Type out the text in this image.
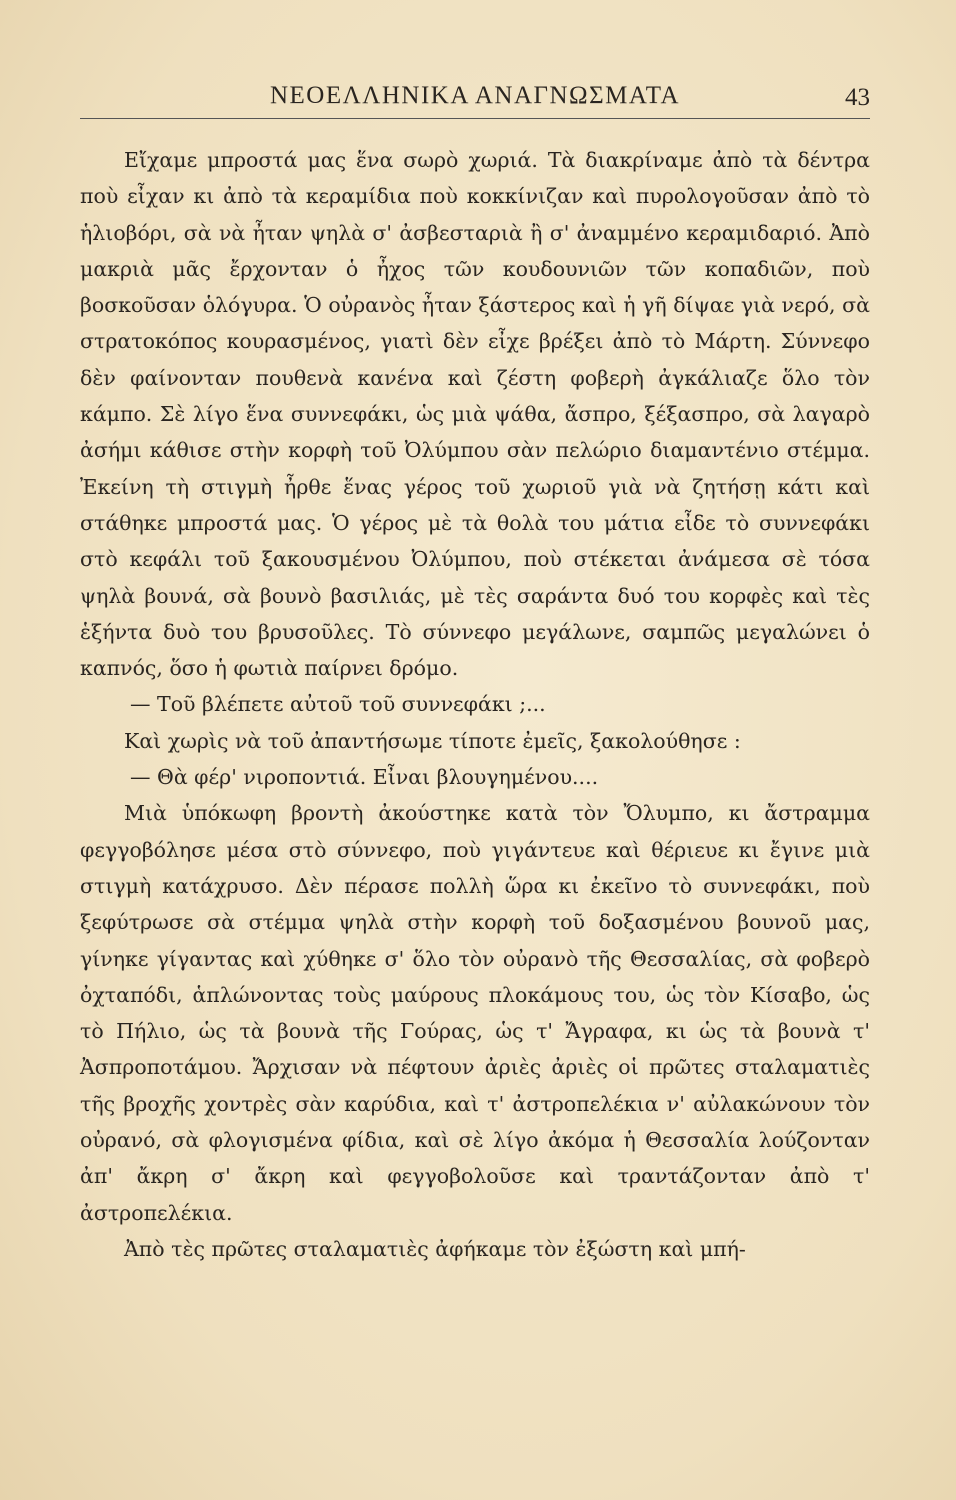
ΝΕΟΕΛΛΗΝΙΚΑ ΑΝΑΓΝΩΣΜΑΤΑ	43

Εἴχαμε μπροστά μας ἕνα σωρὸ χωριά. Τὰ διακρίναμε ἀπὸ τὰ δέντρα ποὺ εἶχαν κι ἀπὸ τὰ κεραμίδια ποὺ κοκκίνιζαν καὶ πυρολογοῦσαν ἀπὸ τὸ ἡλιοβόρι, σὰ νὰ ἦταν ψηλὰ σ' ἀσβεσταριὰ ἢ σ' ἀναμμένο κεραμιδαριό. Ἀπὸ μακριὰ μᾶς ἔρχονταν ὁ ἦχος τῶν κουδουνιῶν τῶν κοπαδιῶν, ποὺ βοσκοῦσαν ὁλόγυρα. Ὁ οὐρανὸς ἦταν ξάστερος καὶ ἡ γῆ δίψαε γιὰ νερό, σὰ στρατοκόπος κουρασμένος, γιατὶ δὲν εἶχε βρέξει ἀπὸ τὸ Μάρτη. Σύννεφο δὲν φαίνονταν πουθενὰ κανένα καὶ ζέστη φοβερὴ ἀγκάλιαζε ὅλο τὸν κάμπο. Σὲ λίγο ἕνα συννεφάκι, ὡς μιὰ ψάθα, ἄσπρο, ξέξασπρο, σὰ λαγαρὸ ἀσήμι κάθισε στὴν κορφὴ τοῦ Ὀλύμπου σὰν πελώριο διαμαντένιο στέμμα. Ἐκείνη τὴ στιγμὴ ἦρθε ἕνας γέρος τοῦ χωριοῦ γιὰ νὰ ζητήσῃ κάτι καὶ στάθηκε μπροστά μας. Ὁ γέρος μὲ τὰ θολὰ του μάτια εἶδε τὸ συννεφάκι στὸ κεφάλι τοῦ ξακουσμένου Ὀλύμπου, ποὺ στέκεται ἀνάμεσα σὲ τόσα ψηλὰ βουνά, σὰ βουνὸ βασιλιάς, μὲ τὲς σαράντα δυό του κορφὲς καὶ τὲς ἑξήντα δυὸ του βρυσοῦλες. Τὸ σύννεφο μεγάλωνε, σαμπῶς μεγαλώνει ὁ καπνός, ὅσο ἡ φωτιὰ παίρνει δρόμο.

— Τοῦ βλέπετε αὐτοῦ τοῦ συννεφάκι ;...

Καὶ χωρὶς νὰ τοῦ ἀπαντήσωμε τίποτε ἐμεῖς, ξακολούθησε :

— Θὰ φέρ' νιροποντιά. Εἶναι βλουγημένου....

Μιὰ ὑπόκωφη βροντὴ ἀκούστηκε κατὰ τὸν Ὄλυμπο, κι ἄστραμμα φεγγοβόλησε μέσα στὸ σύννεφο, ποὺ γιγάντευε καὶ θέριευε κι ἔγινε μιὰ στιγμὴ κατάχρυσο. Δὲν πέρασε πολλὴ ὥρα κι ἐκεῖνο τὸ συννεφάκι, ποὺ ξεφύτρωσε σὰ στέμμα ψηλὰ στὴν κορφὴ τοῦ δοξασμένου βουνοῦ μας, γίνηκε γίγαντας καὶ χύθηκε σ' ὅλο τὸν οὐρανὸ τῆς Θεσσαλίας, σὰ φοβερὸ ὀχταπόδι, ἁπλώνοντας τοὺς μαύρους πλοκάμους του, ὡς τὸν Κίσαβο, ὡς τὸ Πήλιο, ὡς τὰ βουνὰ τῆς Γούρας, ὡς τ' Ἄγραφα, κι ὡς τὰ βουνὰ τ' Ἀσπροποτάμου. Ἄρχισαν νὰ πέφτουν ἀριὲς ἀριὲς οἱ πρῶτες σταλαματιὲς τῆς βροχῆς χοντρὲς σὰν καρύδια, καὶ τ' ἀστροπελέκια ν' αὐλακώνουν τὸν οὐρανό, σὰ φλογισμένα φίδια, καὶ σὲ λίγο ἀκόμα ἡ Θεσσαλία λούζονταν ἀπ' ἄκρη σ' ἄκρη καὶ φεγγοβολοῦσε καὶ τραντάζονταν ἀπὸ τ' ἀστροπελέκια.

Ἀπὸ τὲς πρῶτες σταλαματιὲς ἀφήκαμε τὸν ἐξώστη καὶ μπή-
